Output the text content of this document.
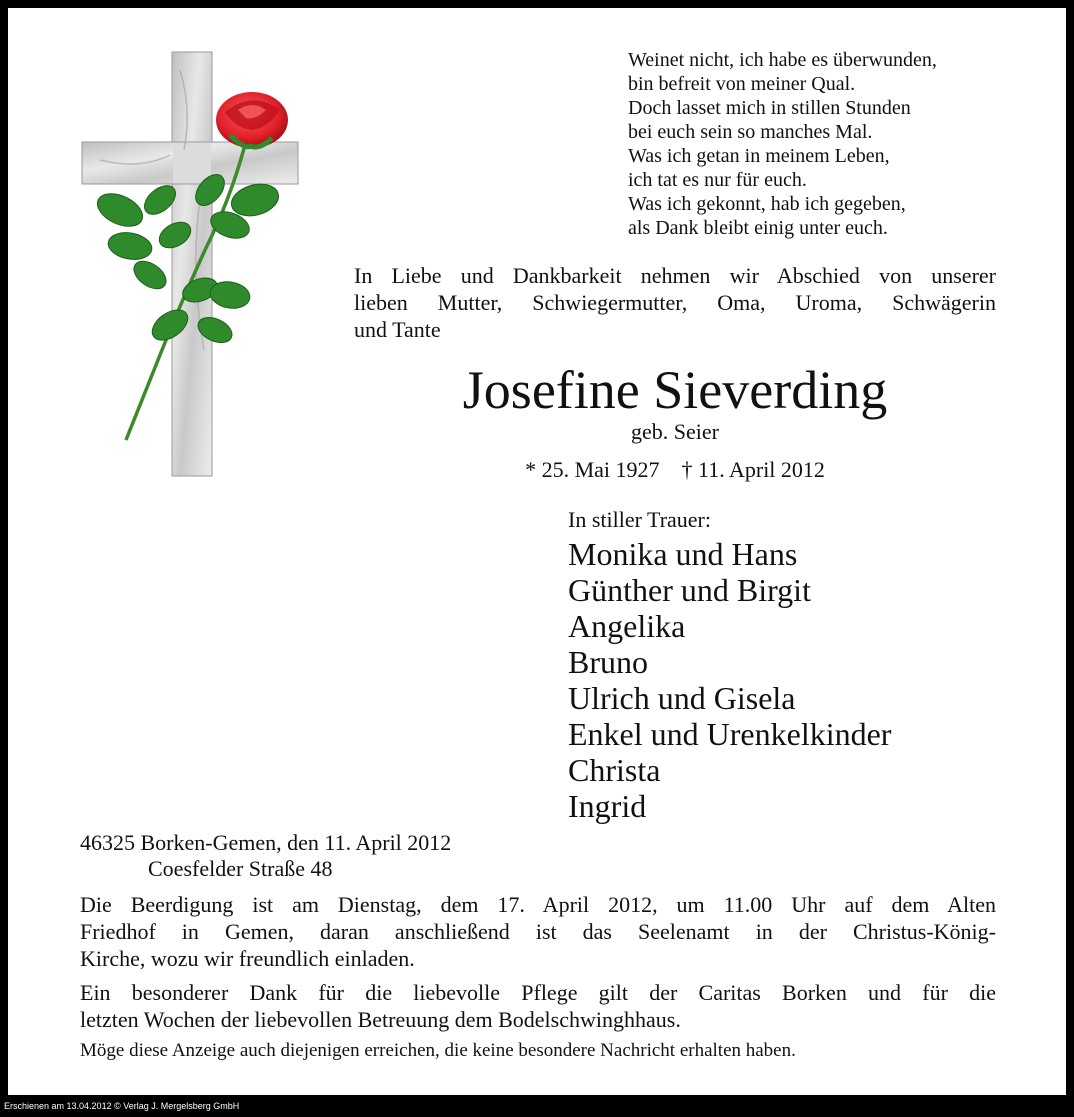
Weinet nicht, ich habe es überwunden,
bin befreit von meiner Qual.
Doch lasset mich in stillen Stunden
bei euch sein so manches Mal.
Was ich getan in meinem Leben,
ich tat es nur für euch.
Was ich gekonnt, hab ich gegeben,
als Dank bleibt einig unter euch.
In Liebe und Dankbarkeit nehmen wir Abschied von unserer
lieben Mutter, Schwiegermutter, Oma, Uroma, Schwägerin
und Tante
Josefine Sieverding
geb. Seier
* 25. Mai 1927 † 11. April 2012
In stiller Trauer:
Monika und Hans
Günther und Birgit
Angelika
Bruno
Ulrich und Gisela
Enkel und Urenkelkinder
Christa
Ingrid
46325 Borken-Gemen, den 11. April 2012
Coesfelder Straße 48
Die Beerdigung ist am Dienstag, dem 17. April 2012, um 11.00 Uhr auf dem Alten
Friedhof in Gemen, daran anschließend ist das Seelenamt in der Christus-König-
Kirche, wozu wir freundlich einladen.
Ein besonderer Dank für die liebevolle Pflege gilt der Caritas Borken und für die
letzten Wochen der liebevollen Betreuung dem Bodelschwinghhaus.
Möge diese Anzeige auch diejenigen erreichen, die keine besondere Nachricht erhalten haben.
Erschienen am 13.04.2012 © Verlag J. Mergelsberg GmbH
